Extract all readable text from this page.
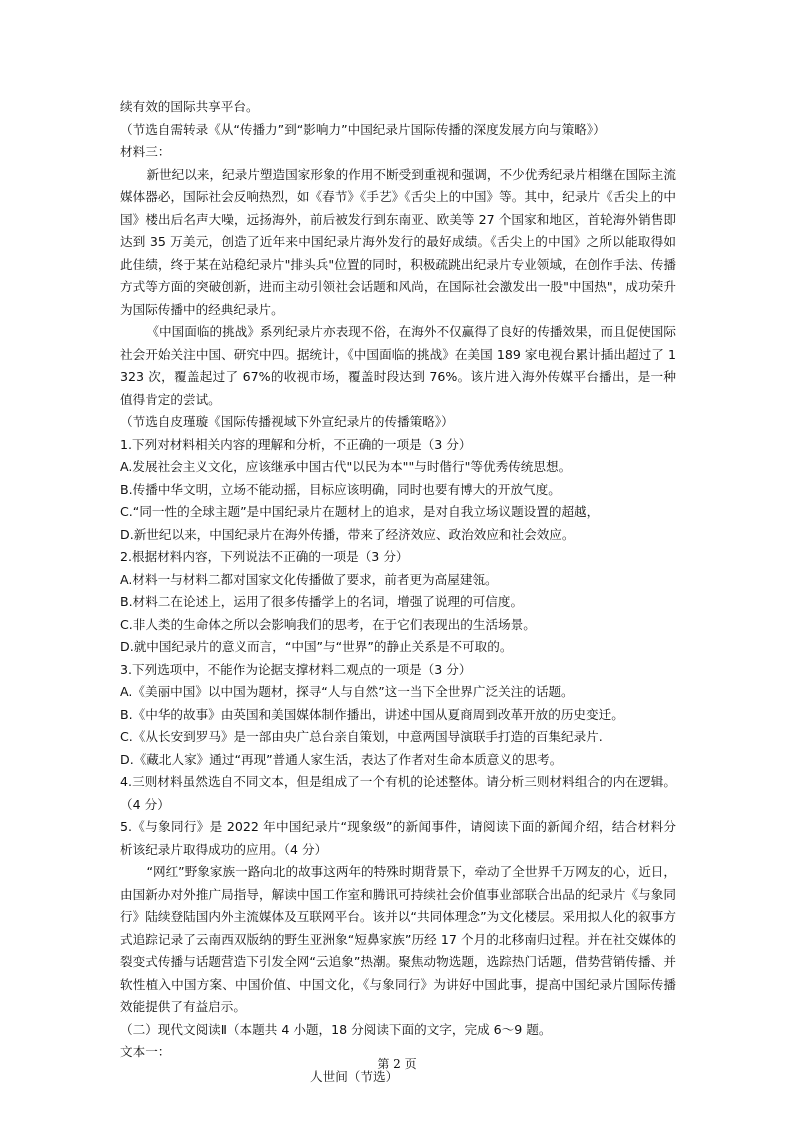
续有效的国际共享平台。

（节选自需转录《从“传播力”到“影响力”中国纪录片国际传播的深度发展方向与策略》）

材料三：

新世纪以来，纪录片塑造国家形象的作用不断受到重视和强调，不少优秀纪录片相继在国际主流媒体器必，国际社会反响热烈，如《春节》《手艺》《舌尖上的中国》等。其中，纪录片《舌尖上的中国》楼出后名声大噪，远扬海外，前后被发行到东南亚、欧美等 27 个国家和地区，首轮海外销售即达到 35 万美元，创造了近年来中国纪录片海外发行的最好成绩。《舌尖上的中国》之所以能取得如此佳绩，终于某在站稳纪录片"排头兵"位置的同时，积极疏跳出纪录片专业领域，在创作手法、传播方式等方面的突破创新，进而主动引领社会话题和风尚，在国际社会激发出一股"中国热"，成功荣升为国际传播中的经典纪录片。

《中国面临的挑战》系列纪录片亦表现不俗，在海外不仅赢得了良好的传播效果，而且促使国际社会开始关注中国、研究中四。据统计，《中国面临的挑战》在美国 189 家电视台累计插出超过了 1323 次，覆盖起过了 67%的收视市场，覆盖时段达到 76%。该片进入海外传媒平台播出，是一种值得肯定的尝试。

（节选自皮瑾璇《国际传播视域下外宣纪录片的传播策略》）

1.下列对材料相关内容的理解和分析，不正确的一项是（3 分）

A.发展社会主义文化，应该继承中国古代"以民为本""与时偕行"等优秀传统思想。

B.传播中华文明，立场不能动摇，目标应该明确，同时也要有博大的开放气度。

C.“同一性的全球主题”是中国纪录片在题材上的追求，是对自我立场议题设置的超越，

D.新世纪以来，中国纪录片在海外传播，带来了经济效应、政治效应和社会效应。

2.根据材料内容，下列说法不正确的一项是（3 分）

A.材料一与材料二都对国家文化传播做了要求，前者更为高屋建瓴。

B.材料二在论述上，运用了很多传播学上的名词，增强了说理的可信度。

C.非人类的生命体之所以会影响我们的思考，在于它们表现出的生活场景。

D.就中国纪录片的意义而言，“中国”与“世界”的静止关系是不可取的。

3.下列选项中，不能作为论据支撑材料二观点的一项是（3 分）

A.《美丽中国》以中国为题材，探寻“人与自然”这一当下全世界广泛关注的话题。

B.《中华的故事》由英国和美国媒体制作播出，讲述中国从夏商周到改革开放的历史变迁。

C.《从长安到罗马》是一部由央广总台亲自策划，中意两国导演联手打造的百集纪录片.

D.《藏北人家》通过“再现”普通人家生活，表达了作者对生命本质意义的思考。

4.三则材料虽然选自不同文本，但是组成了一个有机的论述整体。请分析三则材料组合的内在逻辑。（4 分）

5.《与象同行》是 2022 年中国纪录片“现象级”的新闻事件，请阅读下面的新闻介绍，结合材料分析该纪录片取得成功的应用。（4 分）

“网红”野象家族一路向北的故事这两年的特殊时期背景下，牵动了全世界千万网友的心，近日，由国新办对外推广局指导，解读中国工作室和腾讯可持续社会价值事业部联合出品的纪录片《与象同行》陆续登陆国内外主流媒体及互联网平台。该并以“共同体理念”为文化楼层。采用拟人化的叙事方式追踪记录了云南西双版纳的野生亚洲象“短鼻家族”历经 17 个月的北移南归过程。并在社交媒体的裂变式传播与话题营造下引发全网“云追象”热潮。聚焦动物选题，选踪热门话题，借势营销传播、并软性植入中国方案、中国价值、中国文化，《与象同行》为讲好中国此事，提高中国纪录片国际传播效能提供了有益启示。

（二）现代文阅读Ⅱ（本题共 4 小题，18 分阅读下面的文字，完成 6～9 题。

文本一：

人世间（节选）

第 2 页
